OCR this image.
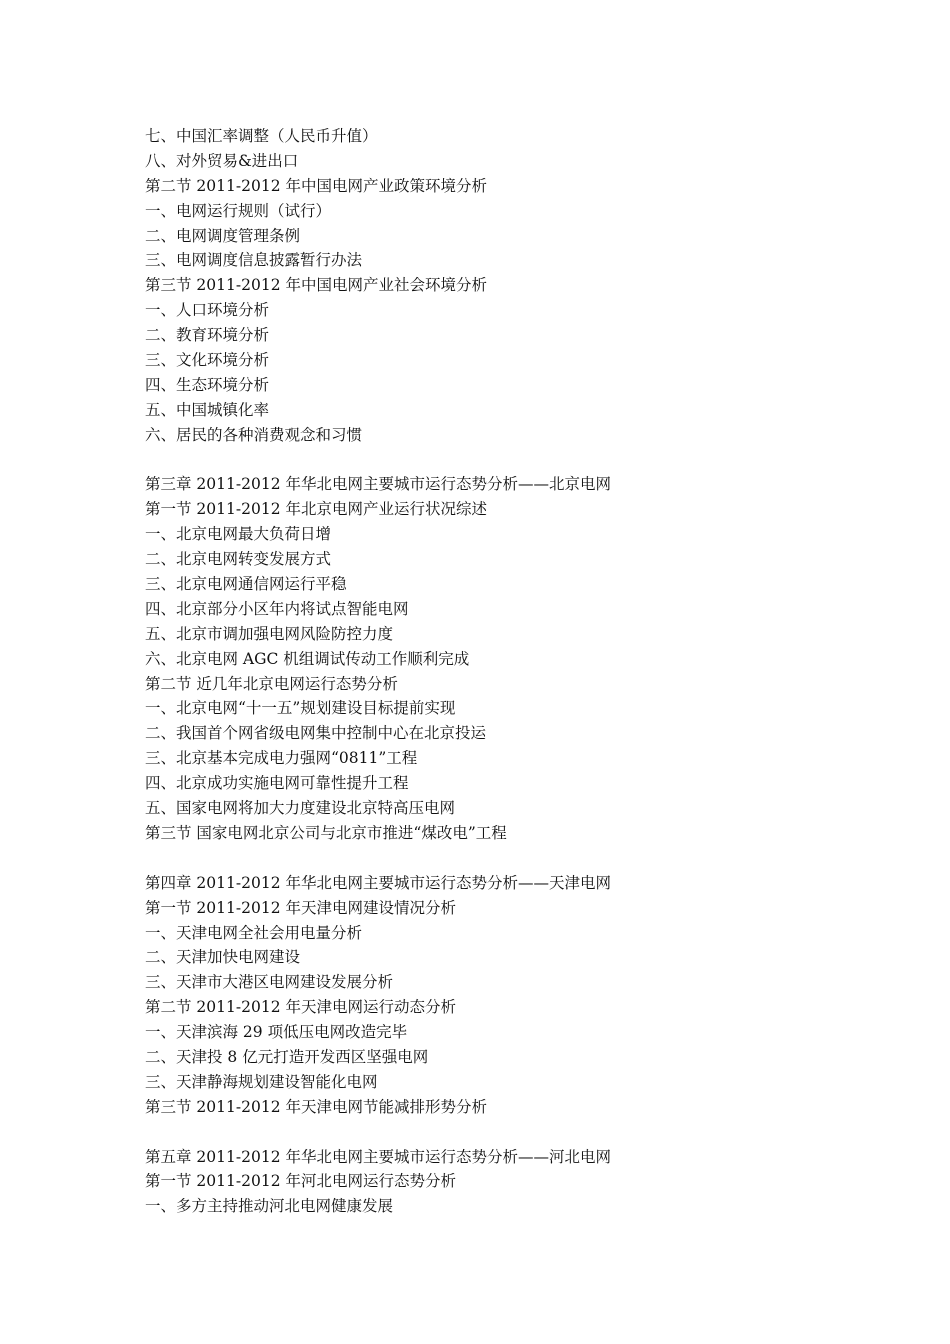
七、中国汇率调整（人民币升值）
八、对外贸易&进出口
第二节 2011-2012 年中国电网产业政策环境分析
一、电网运行规则（试行）
二、电网调度管理条例
三、电网调度信息披露暂行办法
第三节 2011-2012 年中国电网产业社会环境分析
一、人口环境分析
二、教育环境分析
三、文化环境分析
四、生态环境分析
五、中国城镇化率
六、居民的各种消费观念和习惯
第三章 2011-2012 年华北电网主要城市运行态势分析——北京电网
第一节 2011-2012 年北京电网产业运行状况综述
一、北京电网最大负荷日增
二、北京电网转变发展方式
三、北京电网通信网运行平稳
四、北京部分小区年内将试点智能电网
五、北京市调加强电网风险防控力度
六、北京电网 AGC 机组调试传动工作顺利完成
第二节 近几年北京电网运行态势分析
一、北京电网“十一五”规划建设目标提前实现
二、我国首个网省级电网集中控制中心在北京投运
三、北京基本完成电力强网“0811”工程
四、北京成功实施电网可靠性提升工程
五、国家电网将加大力度建设北京特高压电网
第三节 国家电网北京公司与北京市推进“煤改电”工程
第四章 2011-2012 年华北电网主要城市运行态势分析——天津电网
第一节 2011-2012 年天津电网建设情况分析
一、天津电网全社会用电量分析
二、天津加快电网建设
三、天津市大港区电网建设发展分析
第二节 2011-2012 年天津电网运行动态分析
一、天津滨海 29 项低压电网改造完毕
二、天津投 8 亿元打造开发西区坚强电网
三、天津静海规划建设智能化电网
第三节 2011-2012 年天津电网节能减排形势分析
第五章 2011-2012 年华北电网主要城市运行态势分析——河北电网
第一节 2011-2012 年河北电网运行态势分析
一、多方主持推动河北电网健康发展
